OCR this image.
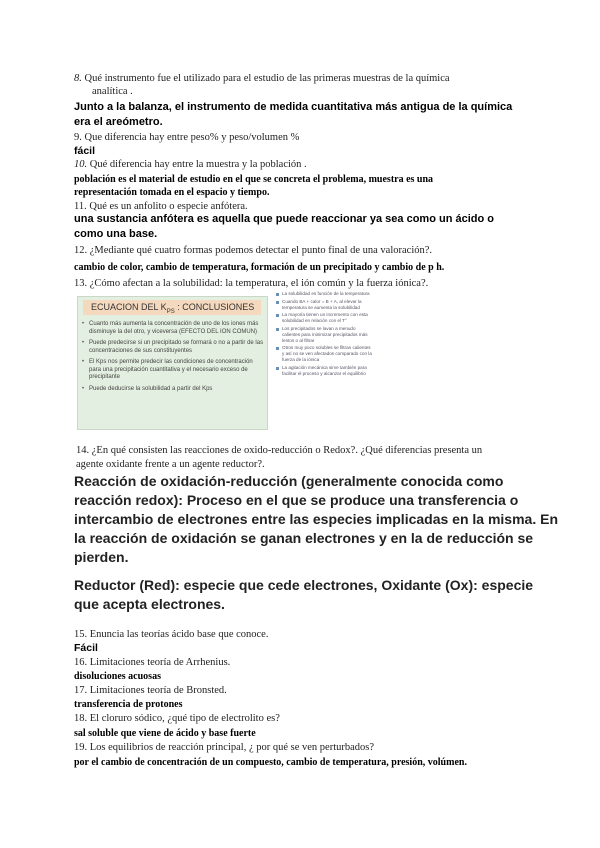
8. Qué instrumento fue el utilizado para el estudio de las primeras muestras de la química
analítica .
Junto a la balanza, el instrumento de medida cuantitativa más antigua de la química
era el areómetro.
9. Que diferencia hay entre peso% y peso/volumen %
fácil
10. Qué diferencia hay entre la muestra y la población .
población es el material de estudio en el que se concreta el problema, muestra es una
representación tomada en el espacio y tiempo.
11. Qué es un anfolito o especie anfótera.
una sustancia anfótera es aquella que puede reaccionar ya sea como un ácido o
como una base.
12. ¿Mediante qué cuatro formas podemos detectar el punto final de una valoración?.
cambio de color, cambio de temperatura, formación de un precipitado y cambio de p h.
13. ¿Cómo afectan a la solubilidad: la temperatura, el ión común y la fuerza iónica?.
ECUACION DEL $K_{PS}$ : CONCLUSIONES
• Cuanto más aumenta la concentración de uno de los iones más disminuye la del otro, y viceversa (EFECTO DEL ION COMUN)
• Puede predecirse si un precipitado se formará o no a partir de las concentraciones de sus constituyentes
• El Kps nos permite predecir las condiciones de concentración para una precipitación cuantitativa y el necesario exceso de precipitante
• Puede deducirse la solubilidad a partir del Kps
La solubilidad es función de la temperatura
Cuando BA + calor = B + A, al elevar la temperatura se aumenta la solubilidad
La mayoría tienen un incremento con esta solubilidad en relación con el T°
Los precipitados se lavan a menudo calientes para minimizar precipitados más lentos o al filtrar
Otros muy poco solubles se filtran calientes y así no se ven afectados comparado con la fuerza de la iónica
La agitación mecánica sirve también para facilitar el proceso y alcanzar el equilibrio
14. ¿En qué consisten las reacciones de oxido-reducción o Redox?. ¿Qué diferencias presenta un
agente oxidante frente a un agente reductor?.
Reacción de oxidación-reducción (generalmente conocida como
reacción redox): Proceso en el que se produce una transferencia o
intercambio de electrones entre las especies implicadas en la misma. En
la reacción de oxidación se ganan electrones y en la de reducción se
pierden.
Reductor (Red): especie que cede electrones, Oxidante (Ox): especie
que acepta electrones.
15. Enuncia las teorías ácido base que conoce.
Fácil
16. Limitaciones teoría de Arrhenius.
disoluciones acuosas
17. Limitaciones teoría de Bronsted.
transferencia de protones
18. El cloruro sódico, ¿qué tipo de electrolito es?
sal soluble que viene de ácido y base fuerte
19. Los equilibrios de reacción principal, ¿ por qué se ven perturbados?
por el cambio de concentración de un compuesto, cambio de temperatura, presión, volúmen.
